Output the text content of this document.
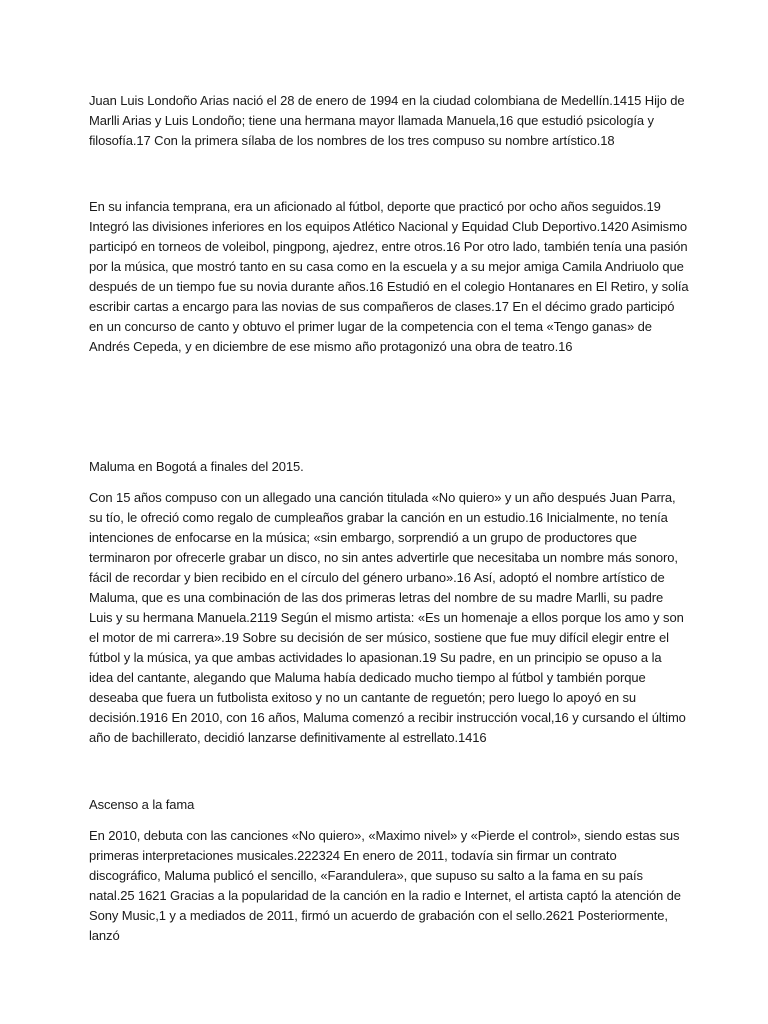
Juan Luis Londoño Arias nació el 28 de enero de 1994 en la ciudad colombiana de Medellín.1415 Hijo de Marlli Arias y Luis Londoño; tiene una hermana mayor llamada Manuela,16 que estudió psicología y filosofía.17 Con la primera sílaba de los nombres de los tres compuso su nombre artístico.18

En su infancia temprana, era un aficionado al fútbol, deporte que practicó por ocho años seguidos.19 Integró las divisiones inferiores en los equipos Atlético Nacional y Equidad Club Deportivo.1420 Asimismo participó en torneos de voleibol, pingpong, ajedrez, entre otros.16 Por otro lado, también tenía una pasión por la música, que mostró tanto en su casa como en la escuela y a su mejor amiga Camila Andriuolo que después de un tiempo fue su novia durante años.16 Estudió en el colegio Hontanares en El Retiro, y solía escribir cartas a encargo para las novias de sus compañeros de clases.17 En el décimo grado participó en un concurso de canto y obtuvo el primer lugar de la competencia con el tema «Tengo ganas» de Andrés Cepeda, y en diciembre de ese mismo año protagonizó una obra de teatro.16

Maluma en Bogotá a finales del 2015.

Con 15 años compuso con un allegado una canción titulada «No quiero» y un año después Juan Parra, su tío, le ofreció como regalo de cumpleaños grabar la canción en un estudio.16 Inicialmente, no tenía intenciones de enfocarse en la música; «sin embargo, sorprendió a un grupo de productores que terminaron por ofrecerle grabar un disco, no sin antes advertirle que necesitaba un nombre más sonoro, fácil de recordar y bien recibido en el círculo del género urbano».16 Así, adoptó el nombre artístico de Maluma, que es una combinación de las dos primeras letras del nombre de su madre Marlli, su padre Luis y su hermana Manuela.2119 Según el mismo artista: «Es un homenaje a ellos porque los amo y son el motor de mi carrera».19 Sobre su decisión de ser músico, sostiene que fue muy difícil elegir entre el fútbol y la música, ya que ambas actividades lo apasionan.19 Su padre, en un principio se opuso a la idea del cantante, alegando que Maluma había dedicado mucho tiempo al fútbol y también porque deseaba que fuera un futbolista exitoso y no un cantante de reguetón; pero luego lo apoyó en su decisión.1916 En 2010, con 16 años, Maluma comenzó a recibir instrucción vocal,16 y cursando el último año de bachillerato, decidió lanzarse definitivamente al estrellato.1416

Ascenso a la fama

En 2010, debuta con las canciones «No quiero», «Maximo nivel» y «Pierde el control», siendo estas sus primeras interpretaciones musicales.222324 En enero de 2011, todavía sin firmar un contrato discográfico, Maluma publicó el sencillo, «Farandulera», que supuso su salto a la fama en su país natal.25 1621 Gracias a la popularidad de la canción en la radio e Internet, el artista captó la atención de Sony Music,1 y a mediados de 2011, firmó un acuerdo de grabación con el sello.2621 Posteriormente, lanzó
